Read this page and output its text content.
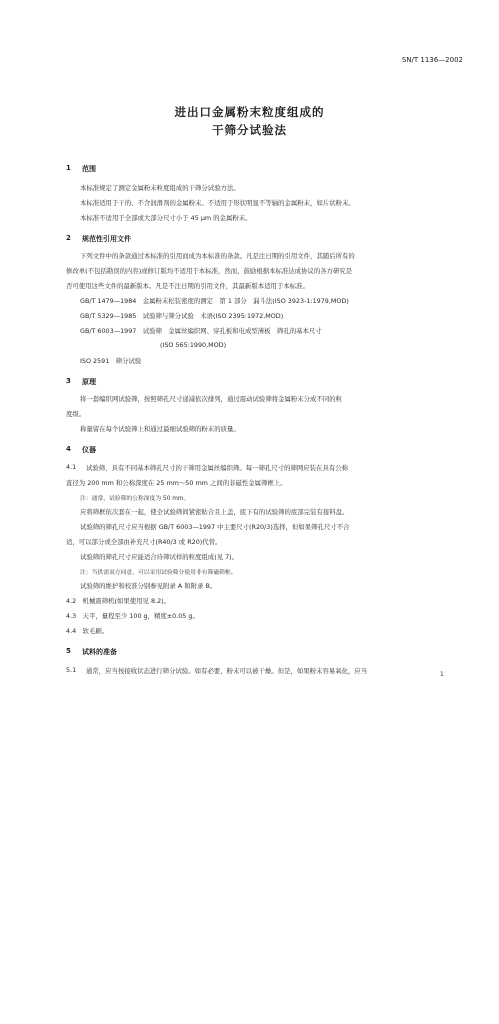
SN/T 1136—2002
进出口金属粉末粒度组成的
干筛分试验法
1 范围
本标准规定了测定金属粉末粒度组成的干筛分试验方法。
本标准适用于干的、不含润滑剂的金属粉末。不适用于形状明显不等轴的金属粉末，如片状粉末。
本标准不适用于全部或大部分尺寸小于 45 μm 的金属粉末。
2 规范性引用文件
下列文件中的条款通过本标准的引用而成为本标准的条款。凡是注日期的引用文件，其随后所有的
修改单(不包括勘误的内容)或修订版均不适用于本标准，然而，鼓励根据本标准达成协议的各方研究是
否可使用这些文件的最新版本。凡是不注日期的引用文件，其最新版本适用于本标准。
GB/T 1479—1984　金属粉末松装密度的测定　第 1 部分　漏斗法(ISO 3923-1:1979,MOD)
GB/T 5329—1985　试验筛与筛分试验　术语(ISO 2395:1972,MOD)
GB/T 6003—1997　试验筛　金属丝编织网、穿孔板和电成型薄板　筛孔的基本尺寸
(ISO 565:1990,MOD)
ISO 2591　筛分试验
3 原理
将一套编织网试验筛，按照筛孔尺寸递减依次排列，通过震动试验筛将金属粉末分成不同的粒
度级。
称量留在每个试验筛上和通过最细试验筛的粉末的质量。
4 仪器
4.1 试验筛，具有不同基本筛孔尺寸的干筛用金属丝编织筛。每一筛孔尺寸的筛网应装在具有公称
直径为 200 mm 和公称深度在 25 mm～50 mm 之间的非磁性金属筛框上。
注：通常，试验筛的公称深度为 50 mm。
应将筛框依次套在一起，使全试验筛间紧密贴合且上盖，底下有的试验筛的底部完装有接料盘。
试验筛的筛孔尺寸应当根据 GB/T 6003—1997 中主要尺寸(R20/3)选择，但如果筛孔尺寸不合
适，可以部分或全部由补充尺寸(R40/3 或 R20)代替。
试验筛的筛孔尺寸应能适合待筛试样的粒度组成(见 7)。
注：当供需双方同意，可以采用试验筛分使用非有筛磁筛框。
试验筛的维护和校准分别参见附录 A 和附录 B。
4.2　机械震筛机(如果使用见 8.2)。
4.3　天平，量程至少 100 g，精度±0.05 g。
4.4　软毛刷。
5 试料的准备
5.1 通常，应当按接收状态进行筛分试验。如有必要，粉末可以被干燥。但是，如果粉末容易氧化，应当	1
